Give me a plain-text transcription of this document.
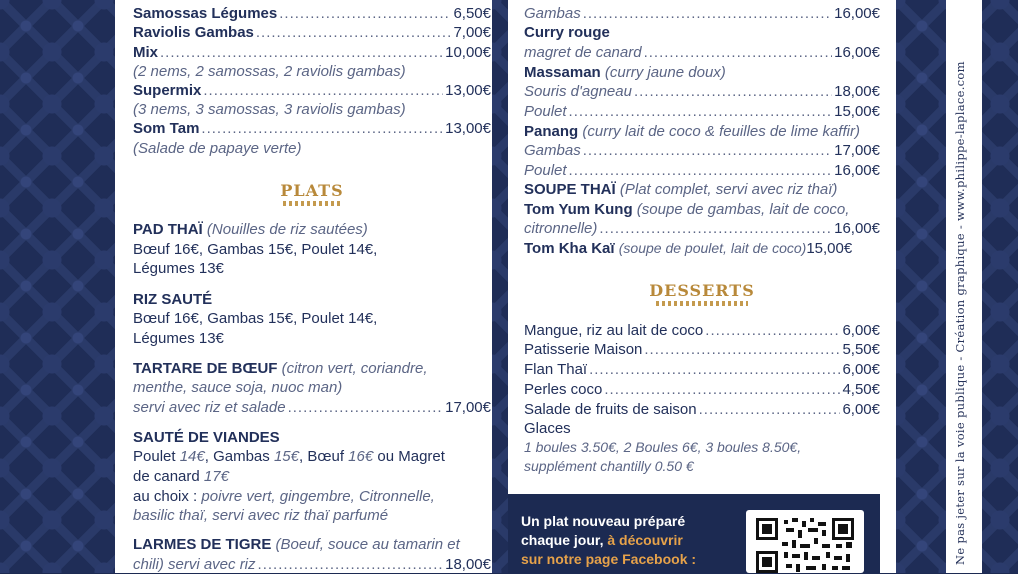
Ne pas jeter sur la voie publique - Création graphique - www.philippe-laplace.com
Samossas Légumes .....	6,50€
Raviolis Gambas .....	7,00€
Mix .....	10,00€
(2 nems, 2 samossas, 2 raviolis gambas)
Supermix .....	13,00€
(3 nems, 3 samossas, 3 raviolis gambas)
Som Tam .....	13,00€
(Salade de papaye verte)
PLATS
PAD THAÏ (Nouilles de riz sautées)
Bœuf 16€, Gambas 15€, Poulet 14€,
Légumes 13€
RIZ SAUTÉ
Bœuf 16€, Gambas 15€, Poulet 14€,
Légumes 13€
TARTARE DE BŒUF (citron vert, coriandre,
menthe, sauce soja, nuoc man)
servi avec riz et salade .....	17,00€
SAUTÉ DE VIANDES
Poulet 14€, Gambas 15€, Bœuf 16€ ou Magret
de canard 17€
au choix : poivre vert, gingembre, Citronnelle,
basilic thaï, servi avec riz thaï parfumé
LARMES DE TIGRE (Boeuf, souce au tamarin et
chili) servi avec riz .....	18,00€
Gambas .....	16,00€
Curry rouge
magret de canard .....	16,00€
Massaman (curry jaune doux)
Souris d'agneau .....	18,00€
Poulet .....	15,00€
Panang (curry lait de coco & feuilles de lime kaffir)
Gambas .....	17,00€
Poulet .....	16,00€
SOUPE THAÏ (Plat complet, servi avec riz thaï)
Tom Yum Kung (soupe de gambas, lait de coco,
citronnelle) .....	16,00€
Tom Kha Kaï
(soupe de poulet, lait de coco) 15,00€
DESSERTS
Mangue, riz au lait de coco .....	6,00€
Patisserie Maison .....	5,50€
Flan Thaï .....	6,00€
Perles coco .....	4,50€
Salade de fruits de saison .....	6,00€
Glaces
1 boules 3.50€, 2 Boules 6€, 3 boules 8.50€,
supplément chantilly 0.50 €
Un plat nouveau préparé
chaque jour, à découvrir
sur notre page Facebook :
